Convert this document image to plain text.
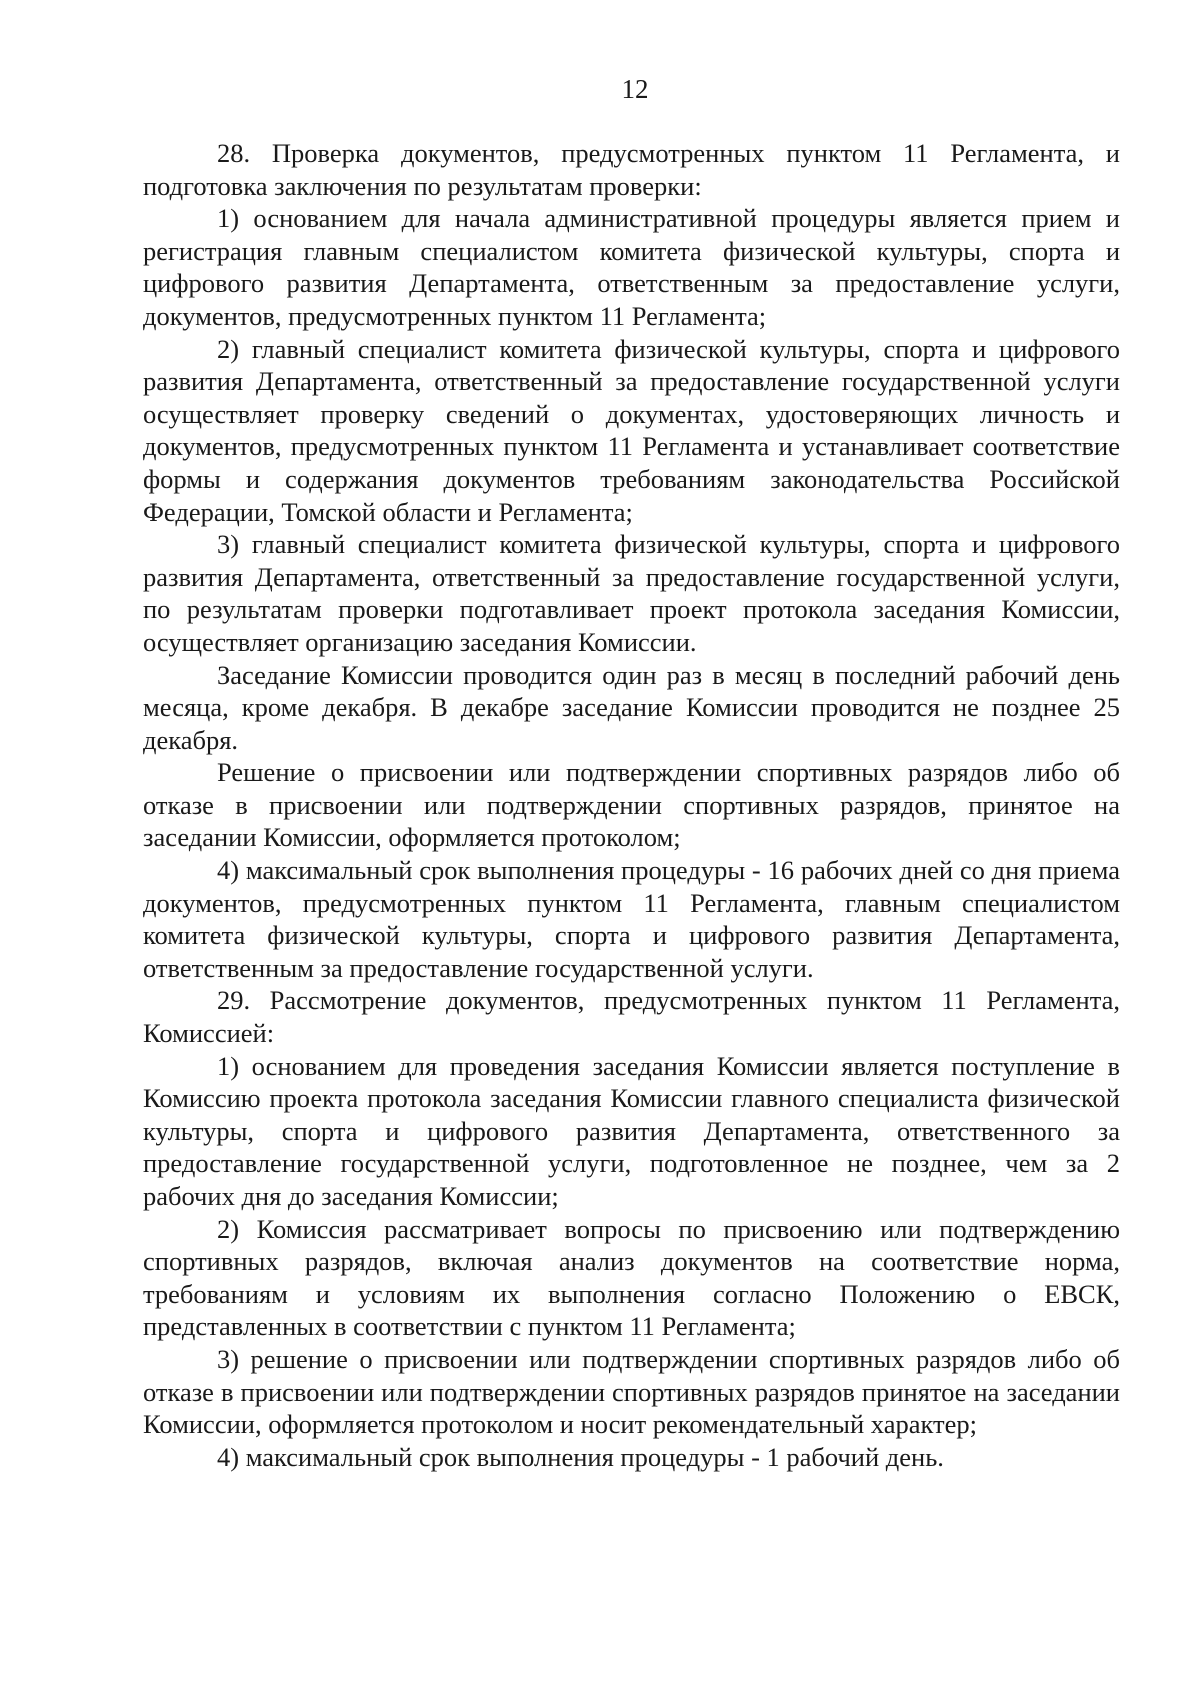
12

28. Проверка документов, предусмотренных пунктом 11 Регламента, и подготовка заключения по результатам проверки:

1) основанием для начала административной процедуры является прием и регистрация главным специалистом комитета физической культуры, спорта и цифрового развития Департамента, ответственным за предоставление услуги, документов, предусмотренных пунктом 11 Регламента;

2) главный специалист комитета физической культуры, спорта и цифрового развития Департамента, ответственный за предоставление государственной услуги осуществляет проверку сведений о документах, удостоверяющих личность и документов, предусмотренных пунктом 11 Регламента и устанавливает соответствие формы и содержания документов требованиям законодательства Российской Федерации, Томской области и Регламента;

3) главный специалист комитета физической культуры, спорта и цифрового развития Департамента, ответственный за предоставление государственной услуги, по результатам проверки подготавливает проект протокола заседания Комиссии, осуществляет организацию заседания Комиссии.

Заседание Комиссии проводится один раз в месяц в последний рабочий день месяца, кроме декабря. В декабре заседание Комиссии проводится не позднее 25 декабря.

Решение о присвоении или подтверждении спортивных разрядов либо об отказе в присвоении или подтверждении спортивных разрядов, принятое на заседании Комиссии, оформляется протоколом;

4) максимальный срок выполнения процедуры - 16 рабочих дней со дня приема документов, предусмотренных пунктом 11 Регламента, главным специалистом комитета физической культуры, спорта и цифрового развития Департамента, ответственным за предоставление государственной услуги.

29. Рассмотрение документов, предусмотренных пунктом 11 Регламента, Комиссией:

1) основанием для проведения заседания Комиссии является поступление в Комиссию проекта протокола заседания Комиссии главного специалиста физической культуры, спорта и цифрового развития Департамента, ответственного за предоставление государственной услуги, подготовленное не позднее, чем за 2 рабочих дня до заседания Комиссии;

2) Комиссия рассматривает вопросы по присвоению или подтверждению спортивных разрядов, включая анализ документов на соответствие норма, требованиям и условиям их выполнения согласно Положению о ЕВСК, представленных в соответствии с пунктом 11 Регламента;

3) решение о присвоении или подтверждении спортивных разрядов либо об отказе в присвоении или подтверждении спортивных разрядов принятое на заседании Комиссии, оформляется протоколом и носит рекомендательный характер;

4) максимальный срок выполнения процедуры - 1 рабочий день.
